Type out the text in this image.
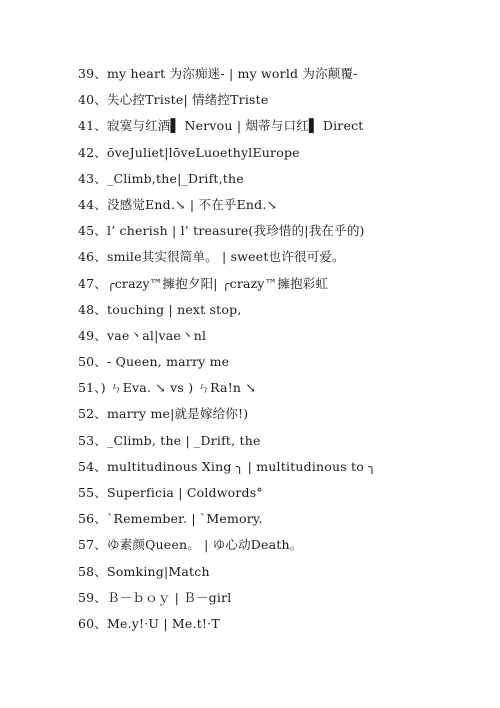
39、my heart 为沵痴迷- | my world 为沵颠覆-
40、失心控Triste| 情绪控Triste
41、寂寞与红酒▌ Nervou | 烟蒂与口红▌ Direct
42、ōveJuliet|lōveLuoethylEurope
43、_Climb,the|_Drift,the
44、没感觉End.↘ | 不在乎End.↘
45、l’ cherish | l’ treasure(我珍惜的|我在乎的)
46、smile其实很简单。 | sweet也许很可爱。
47、╭crazy™擁抱夕阳| ╭crazy™擁抱彩虹
48、touching | next stop,
49、vae丶al|vae丶nl
50、- Queen, marry me
51、) ㄣEva. ↘ vs ) ㄣRa!n ↘
52、marry me|就是嫁给你!)
53、_Climb, the | _Drift, the
54、multitudinous Xing ╮ | multitudinous to ╮
55、Superficia | Coldwords°
56、`Remember. | `Memory.
57、ゆ素颜Queen。 | ゆ心动Death。
58、Somking|Match
59、Ｂ－ｂｏｙ | Ｂ－girl
60、Me.y!·U | Me.t!·T
